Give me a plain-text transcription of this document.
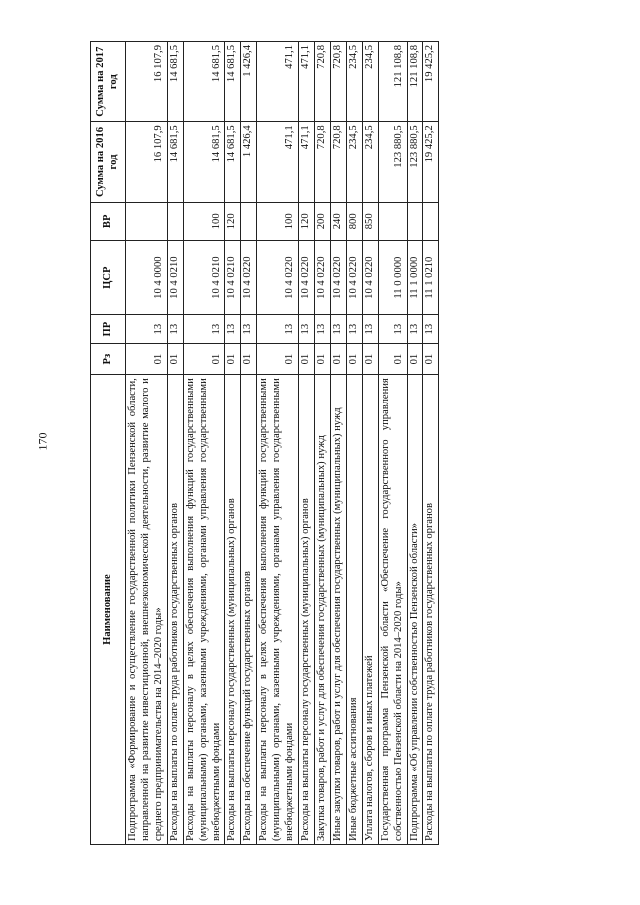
170
Наименование	Рз	ПР	ЦСР	ВР	Сумма на 2016 год	Сумма на 2017 год
Подпрограмма «Формирование и осуществление государственной политики Пензенской области, направленной на развитие инвестиционной, внешнеэкономической деятельности, развитие малого и среднего предпринимательства на 2014–2020 годы»	01	13	10 4 0000		16 107,9	16 107,9
Расходы на выплаты по оплате труда работников государственных органов	01	13	10 4 0210		14 681,5	14 681,5
Расходы на выплаты персоналу в целях обеспечения выполнения функций государственными (муниципальными) органами, казенными учреждениями, органами управления государственными внебюджетными фондами	01	13	10 4 0210	100	14 681,5	14 681,5
Расходы на выплаты персоналу государственных (муниципальных) органов	01	13	10 4 0210	120	14 681,5	14 681,5
Расходы на обеспечение функций государственных органов	01	13	10 4 0220		1 426,4	1 426,4
Расходы на выплаты персоналу в целях обеспечения выполнения функций государственными (муниципальными) органами, казенными учреждениями, органами управления государственными внебюджетными фондами	01	13	10 4 0220	100	471,1	471,1
Расходы на выплаты персоналу государственных (муниципальных) органов	01	13	10 4 0220	120	471,1	471,1
Закупка товаров, работ и услуг для обеспечения государственных (муниципальных) нужд	01	13	10 4 0220	200	720,8	720,8
Иные закупки товаров, работ и услуг для обеспечения государственных (муниципальных) нужд	01	13	10 4 0220	240	720,8	720,8
Иные бюджетные ассигнования	01	13	10 4 0220	800	234,5	234,5
Уплата налогов, сборов и иных платежей	01	13	10 4 0220	850	234,5	234,5
Государственная программа Пензенской области «Обеспечение государственного управления собственностью Пензенской области на 2014–2020 годы»	01	13	11 0 0000		123 880,5	121 108,8
Подпрограмма «Об управлении собственностью Пензенской области»	01	13	11 1 0000		123 880,5	121 108,8
Расходы на выплаты по оплате труда работников государственных органов	01	13	11 1 0210		19 425,2	19 425,2
